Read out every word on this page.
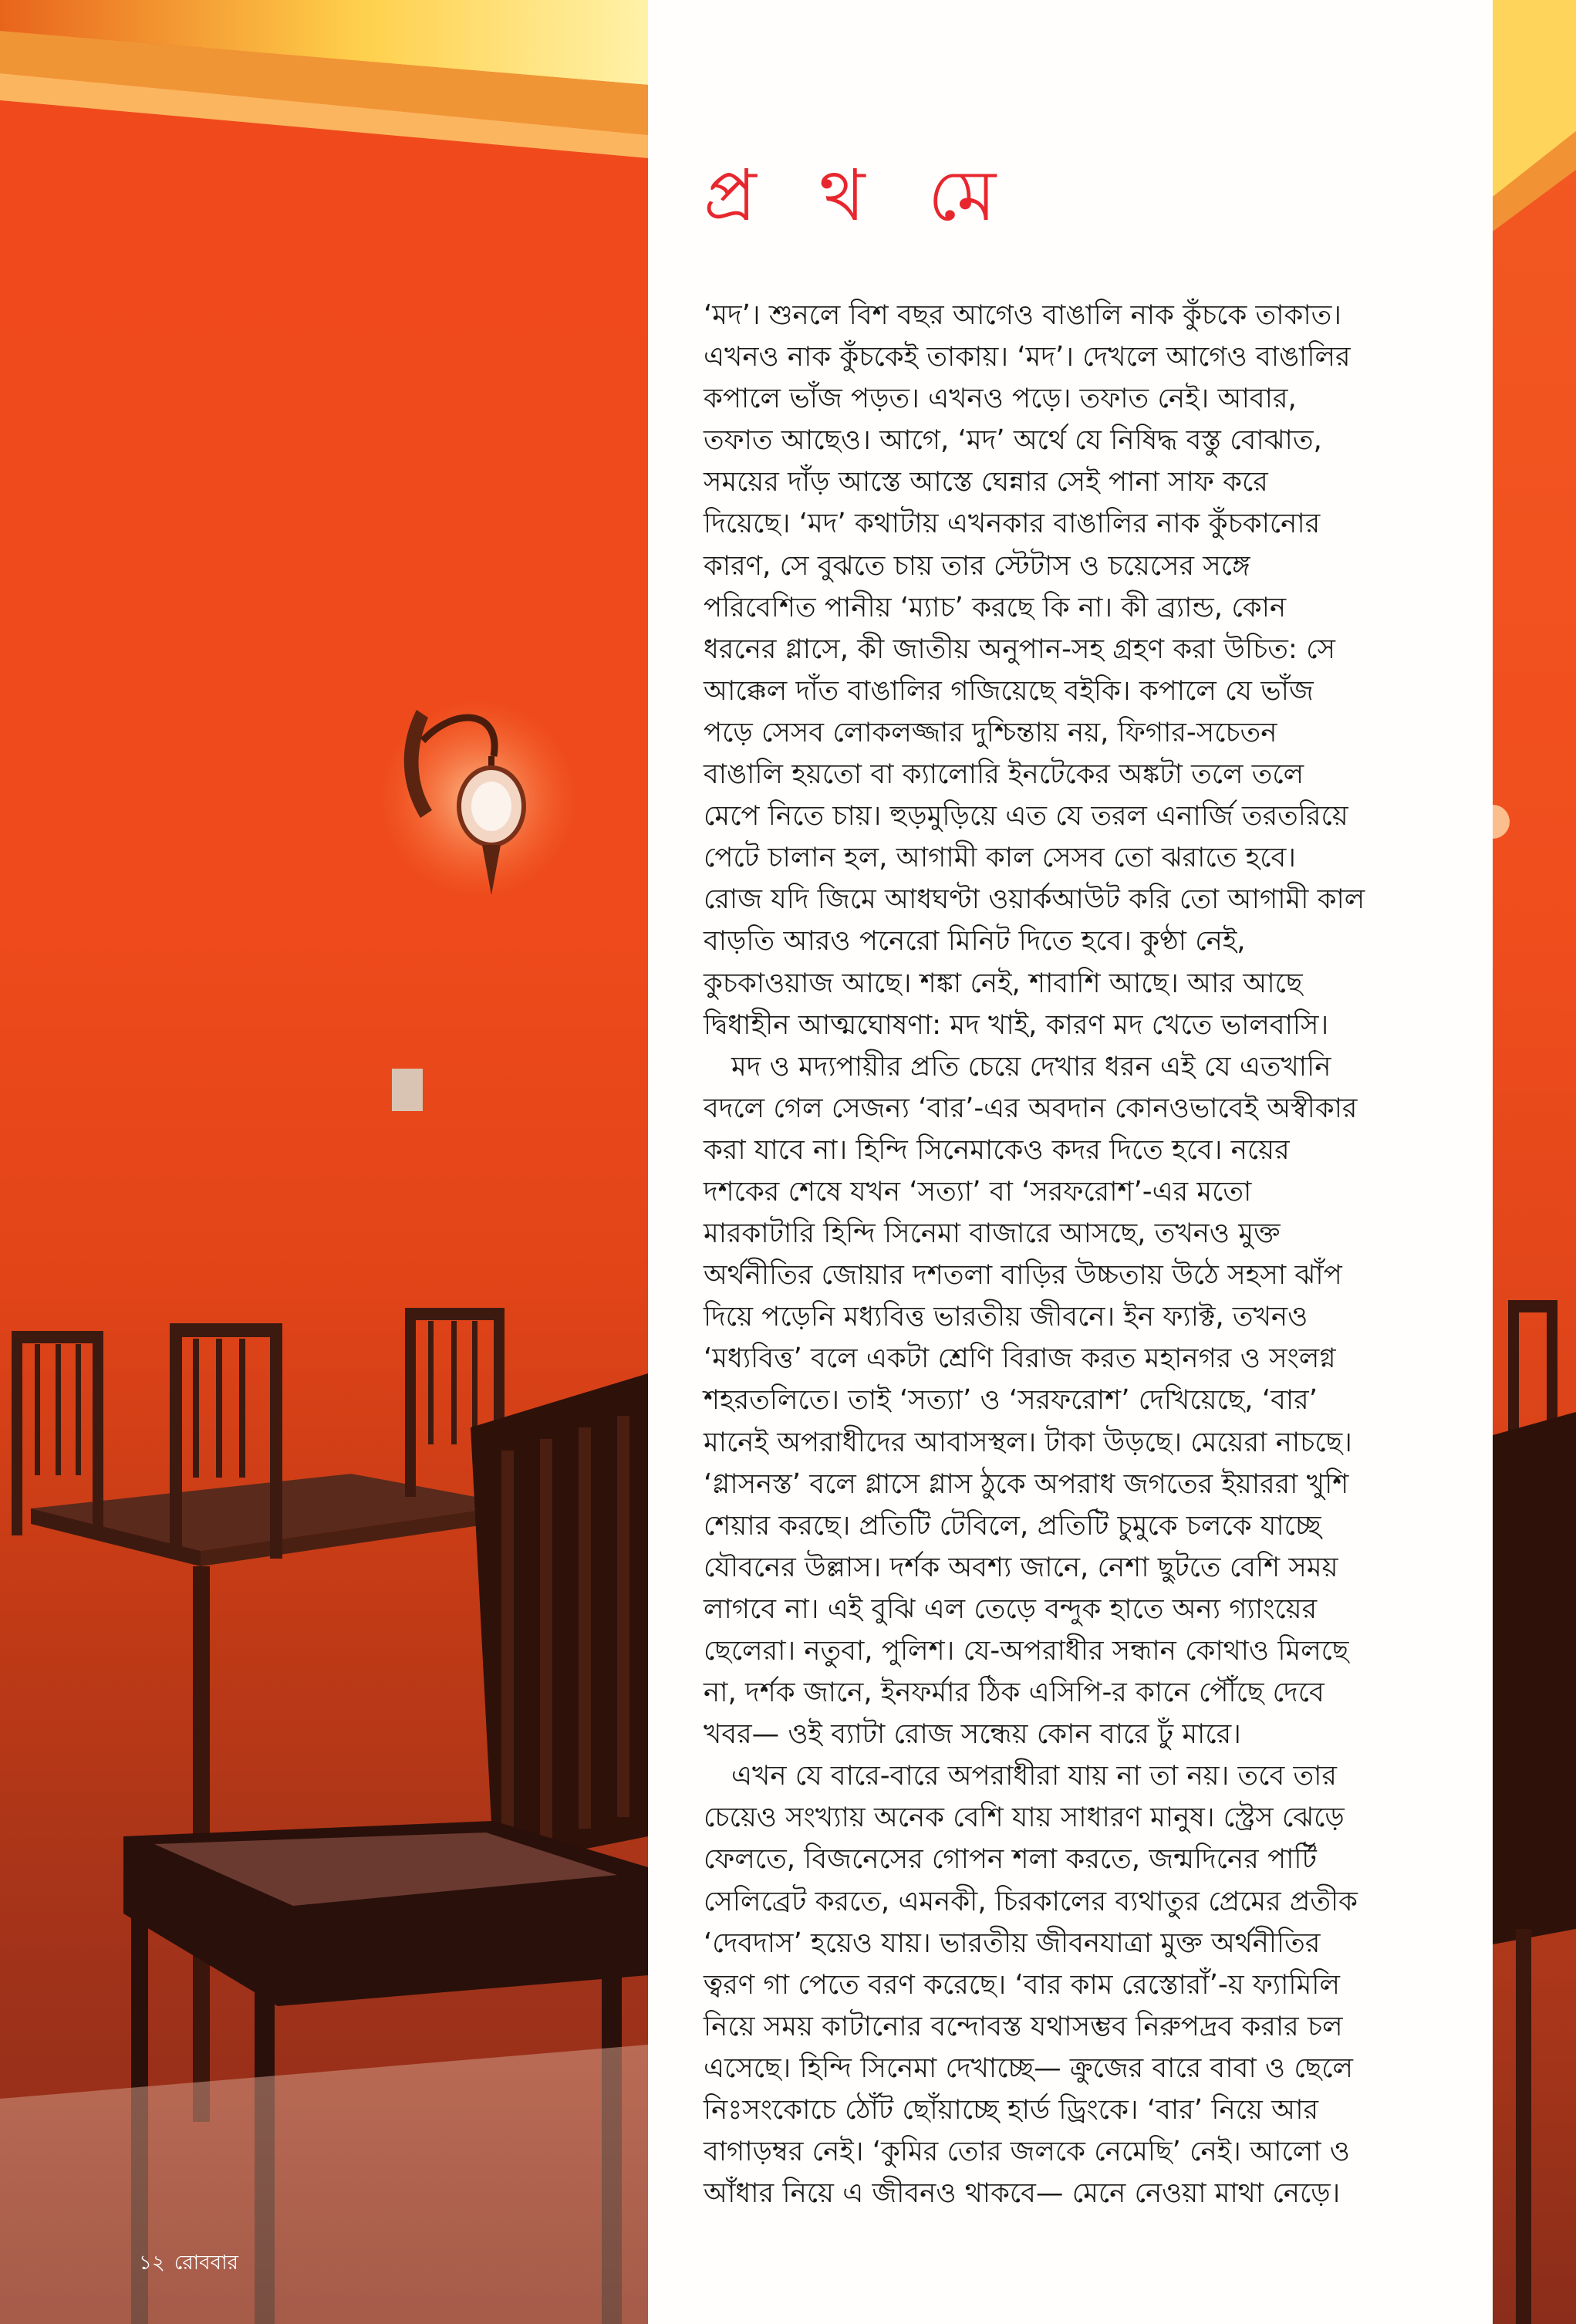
প্র থ মে
‘মদ’। শুনলে বিশ বছর আগেও বাঙালি নাক কুঁচকে তাকাত।
এখনও নাক কুঁচকেই তাকায়। ‘মদ’। দেখলে আগেও বাঙালির
কপালে ভাঁজ পড়ত। এখনও পড়ে। তফাত নেই। আবার,
তফাত আছেও। আগে, ‘মদ’ অর্থে যে নিষিদ্ধ বস্তু বোঝাত,
সময়ের দাঁড় আস্তে আস্তে ঘেন্নার সেই পানা সাফ করে
দিয়েছে। ‘মদ’ কথাটায় এখনকার বাঙালির নাক কুঁচকানোর
কারণ, সে বুঝতে চায় তার স্টেটাস ও চয়েসের সঙ্গে
পরিবেশিত পানীয় ‘ম্যাচ’ করছে কি না। কী ব্র্যান্ড, কোন
ধরনের গ্লাসে, কী জাতীয় অনুপান-সহ গ্রহণ করা উচিত: সে
আক্কেল দাঁত বাঙালির গজিয়েছে বইকি। কপালে যে ভাঁজ
পড়ে সেসব লোকলজ্জার দুশ্চিন্তায় নয়, ফিগার-সচেতন
বাঙালি হয়তো বা ক্যালোরি ইনটেকের অঙ্কটা তলে তলে
মেপে নিতে চায়। হুড়মুড়িয়ে এত যে তরল এনার্জি তরতরিয়ে
পেটে চালান হল, আগামী কাল সেসব তো ঝরাতে হবে।
রোজ যদি জিমে আধঘণ্টা ওয়ার্কআউট করি তো আগামী কাল
বাড়তি আরও পনেরো মিনিট দিতে হবে। কুণ্ঠা নেই,
কুচকাওয়াজ আছে। শঙ্কা নেই, শাবাশি আছে। আর আছে
দ্বিধাহীন আত্মঘোষণা: মদ খাই, কারণ মদ খেতে ভালবাসি।
মদ ও মদ্যপায়ীর প্রতি চেয়ে দেখার ধরন এই যে এতখানি
বদলে গেল সেজন্য ‘বার’-এর অবদান কোনওভাবেই অস্বীকার
করা যাবে না। হিন্দি সিনেমাকেও কদর দিতে হবে। নয়ের
দশকের শেষে যখন ‘সত্যা’ বা ‘সরফরোশ’-এর মতো
মারকাটারি হিন্দি সিনেমা বাজারে আসছে, তখনও মুক্ত
অর্থনীতির জোয়ার দশতলা বাড়ির উচ্চতায় উঠে সহসা ঝাঁপ
দিয়ে পড়েনি মধ্যবিত্ত ভারতীয় জীবনে। ইন ফ্যাক্ট, তখনও
‘মধ্যবিত্ত’ বলে একটা শ্রেণি বিরাজ করত মহানগর ও সংলগ্ন
শহরতলিতে। তাই ‘সত্যা’ ও ‘সরফরোশ’ দেখিয়েছে, ‘বার’
মানেই অপরাধীদের আবাসস্থল। টাকা উড়ছে। মেয়েরা নাচছে।
‘গ্লাসনস্ত’ বলে গ্লাসে গ্লাস ঠুকে অপরাধ জগতের ইয়াররা খুশি
শেয়ার করছে। প্রতিটি টেবিলে, প্রতিটি চুমুকে চলকে যাচ্ছে
যৌবনের উল্লাস। দর্শক অবশ্য জানে, নেশা ছুটতে বেশি সময়
লাগবে না। এই বুঝি এল তেড়ে বন্দুক হাতে অন্য গ্যাংয়ের
ছেলেরা। নতুবা, পুলিশ। যে-অপরাধীর সন্ধান কোথাও মিলছে
না, দর্শক জানে, ইনফর্মার ঠিক এসিপি-র কানে পৌঁছে দেবে
খবর— ওই ব্যাটা রোজ সন্ধেয় কোন বারে ঢুঁ মারে।
এখন যে বারে-বারে অপরাধীরা যায় না তা নয়। তবে তার
চেয়েও সংখ্যায় অনেক বেশি যায় সাধারণ মানুষ। স্ট্রেস ঝেড়ে
ফেলতে, বিজনেসের গোপন শলা করতে, জন্মদিনের পার্টি
সেলিব্রেট করতে, এমনকী, চিরকালের ব্যথাতুর প্রেমের প্রতীক
‘দেবদাস’ হয়েও যায়। ভারতীয় জীবনযাত্রা মুক্ত অর্থনীতির
ত্বরণ গা পেতে বরণ করেছে। ‘বার কাম রেস্তোরাঁ’-য় ফ্যামিলি
নিয়ে সময় কাটানোর বন্দোবস্ত যথাসম্ভব নিরুপদ্রব করার চল
এসেছে। হিন্দি সিনেমা দেখাচ্ছে— ক্রুজের বারে বাবা ও ছেলে
নিঃসংকোচে ঠোঁট ছোঁয়াচ্ছে হার্ড ড্রিংকে। ‘বার’ নিয়ে আর
বাগাড়ম্বর নেই। ‘কুমির তোর জলকে নেমেছি’ নেই। আলো ও
আঁধার নিয়ে এ জীবনও থাকবে— মেনে নেওয়া মাথা নেড়ে।
১২ রোববার
